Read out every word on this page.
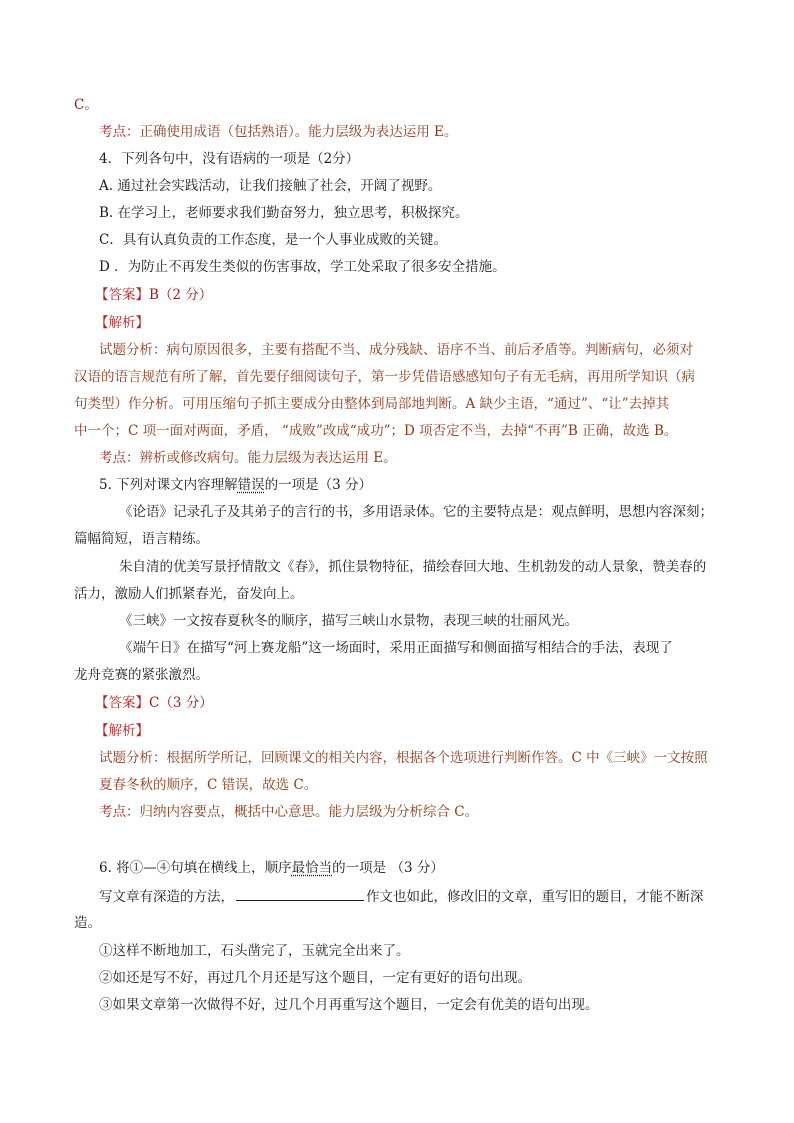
C。
考点：正确使用成语（包括熟语）。能力层级为表达运用 E。
4．下列各句中，没有语病的一项是（2分）
A. 通过社会实践活动，让我们接触了社会，开阔了视野。
B. 在学习上，老师要求我们勤奋努力，独立思考，积极探究。
C．具有认真负责的工作态度，是一个人事业成败的关键。
D ．为防止不再发生类似的伤害事故，学工处采取了很多安全措施。
【答案】B（2 分）
【解析】
试题分析：病句原因很多，主要有搭配不当、成分残缺、语序不当、前后矛盾等。判断病句，必须对
汉语的语言规范有所了解，首先要仔细阅读句子，第一步凭借语感感知句子有无毛病，再用所学知识（病
句类型）作分析。可用压缩句子抓主要成分由整体到局部地判断。A 缺少主语，“通过”、“让”去掉其
中一个；C 项一面对两面，矛盾， “成败”改成“成功”；D 项否定不当，去掉“不再”B 正确，故选 B。
考点：辨析或修改病句。能力层级为表达运用 E。
5. 下列对课文内容理解错误的一项是（3 分）
《论语》记录孔子及其弟子的言行的书，多用语录体。它的主要特点是：观点鲜明，思想内容深刻；
篇幅简短，语言精练。
朱自清的优美写景抒情散文《春》，抓住景物特征，描绘春回大地、生机勃发的动人景象，赞美春的
活力，激励人们抓紧春光，奋发向上。
《三峡》一文按春夏秋冬的顺序，描写三峡山水景物，表现三峡的壮丽风光。
《端午日》在描写“河上赛龙船”这一场面时，采用正面描写和侧面描写相结合的手法，表现了
龙舟竞赛的紧张激烈。
【答案】C（3 分）
【解析】
试题分析：根据所学所记，回顾课文的相关内容，根据各个选项进行判断作答。C 中《三峡》一文按照
夏春冬秋的顺序，C 错误，故选 C。
考点：归纳内容要点，概括中心意思。能力层级为分析综合 C。
6. 将①—④句填在横线上，顺序最恰当的一项是 （3 分）
写文章有深造的方法，	作文也如此，修改旧的文章，重写旧的题目，才能不断深
造。
①这样不断地加工，石头凿完了，玉就完全出来了。
②如还是写不好，再过几个月还是写这个题目，一定有更好的语句出现。
③如果文章第一次做得不好，过几个月再重写这个题目，一定会有优美的语句出现。
